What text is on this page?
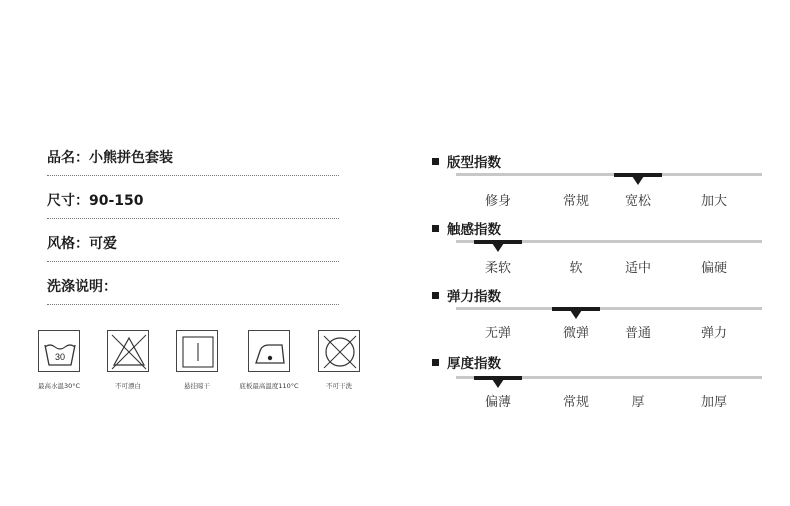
品名：小熊拼色套装
尺寸：90-150
风格：可爱
洗涤说明：
30
最高水温30°C	不可漂白	悬挂晾干	底板最高温度110°C	不可干洗
版型指数
修身	常规	宽松	加大
触感指数
柔软	软	适中	偏硬
弹力指数
无弹	微弹	普通	弹力
厚度指数
偏薄	常规	厚	加厚
